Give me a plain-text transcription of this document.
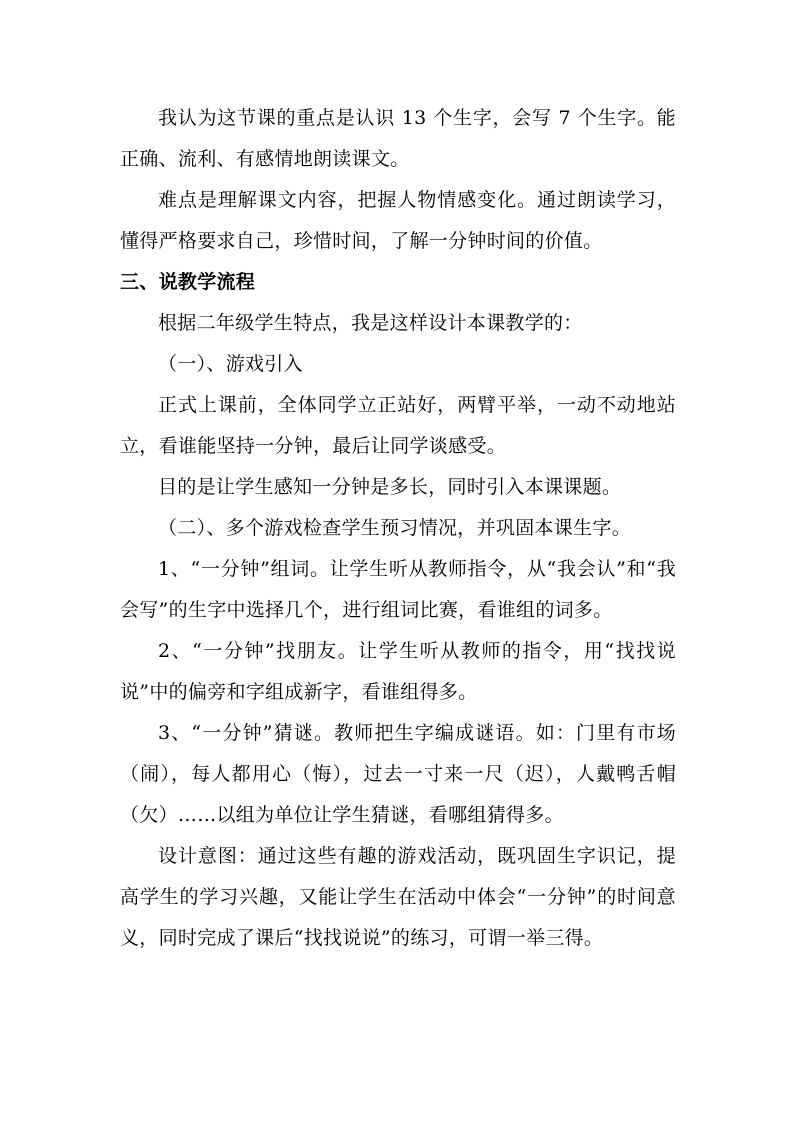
我认为这节课的重点是认识 13 个生字，会写 7 个生字。能正确、流利、有感情地朗读课文。

难点是理解课文内容，把握人物情感变化。通过朗读学习，懂得严格要求自己，珍惜时间，了解一分钟时间的价值。

三、说教学流程

根据二年级学生特点，我是这样设计本课教学的：

（一）、游戏引入

正式上课前，全体同学立正站好，两臂平举，一动不动地站立，看谁能坚持一分钟，最后让同学谈感受。

目的是让学生感知一分钟是多长，同时引入本课课题。

（二）、多个游戏检查学生预习情况，并巩固本课生字。

1、“一分钟”组词。让学生听从教师指令，从“我会认”和“我会写”的生字中选择几个，进行组词比赛，看谁组的词多。

2、“一分钟”找朋友。让学生听从教师的指令，用“找找说说”中的偏旁和字组成新字，看谁组得多。

3、“一分钟”猜谜。教师把生字编成谜语。如：门里有市场（闹），每人都用心（悔），过去一寸来一尺（迟），人戴鸭舌帽（欠）……以组为单位让学生猜谜，看哪组猜得多。

设计意图：通过这些有趣的游戏活动，既巩固生字识记，提高学生的学习兴趣，又能让学生在活动中体会“一分钟”的时间意义，同时完成了课后“找找说说”的练习，可谓一举三得。
